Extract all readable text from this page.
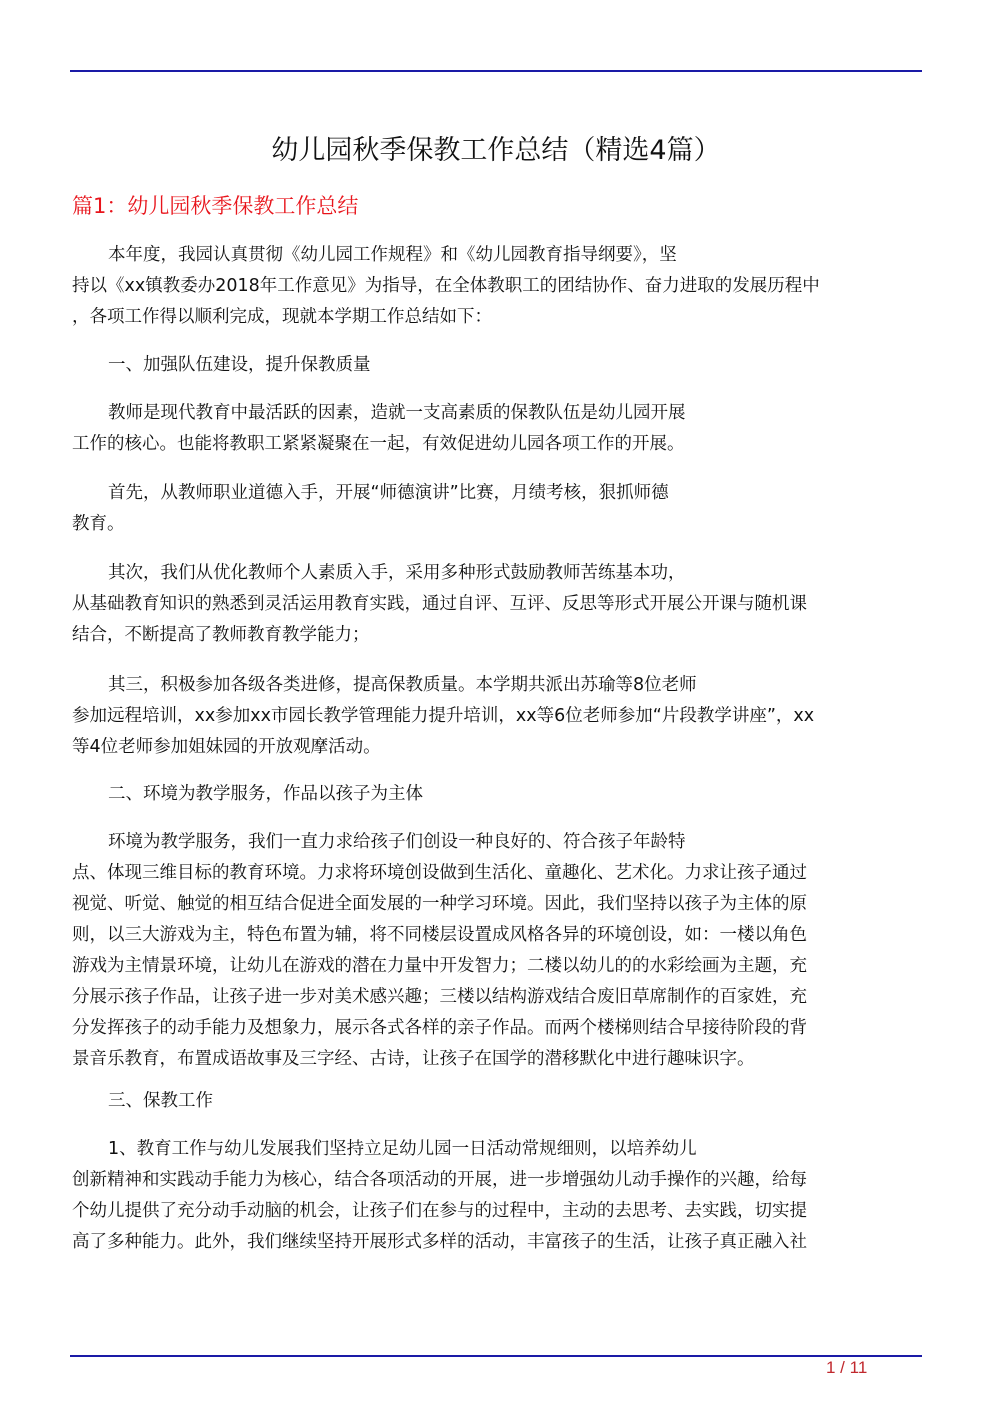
幼儿园秋季保教工作总结（精选4篇）
篇1：幼儿园秋季保教工作总结
本年度，我园认真贯彻《幼儿园工作规程》和《幼儿园教育指导纲要》，坚
持以《xx镇教委办2018年工作意见》为指导，在全体教职工的团结协作、奋力进取的发展历程中
，各项工作得以顺利完成，现就本学期工作总结如下：
一、加强队伍建设，提升保教质量
教师是现代教育中最活跃的因素，造就一支高素质的保教队伍是幼儿园开展
工作的核心。也能将教职工紧紧凝聚在一起，有效促进幼儿园各项工作的开展。
首先，从教师职业道德入手，开展“师德演讲”比赛，月绩考核，狠抓师德
教育。
其次，我们从优化教师个人素质入手，采用多种形式鼓励教师苦练基本功，
从基础教育知识的熟悉到灵活运用教育实践，通过自评、互评、反思等形式开展公开课与随机课
结合，不断提高了教师教育教学能力；
其三，积极参加各级各类进修，提高保教质量。本学期共派出苏瑜等8位老师
参加远程培训，xx参加xx市园长教学管理能力提升培训，xx等6位老师参加“片段教学讲座”，xx
等4位老师参加姐妹园的开放观摩活动。
二、环境为教学服务，作品以孩子为主体
环境为教学服务，我们一直力求给孩子们创设一种良好的、符合孩子年龄特
点、体现三维目标的教育环境。力求将环境创设做到生活化、童趣化、艺术化。力求让孩子通过
视觉、听觉、触觉的相互结合促进全面发展的一种学习环境。因此，我们坚持以孩子为主体的原
则，以三大游戏为主，特色布置为辅，将不同楼层设置成风格各异的环境创设，如：一楼以角色
游戏为主情景环境，让幼儿在游戏的潜在力量中开发智力；二楼以幼儿的的水彩绘画为主题，充
分展示孩子作品，让孩子进一步对美术感兴趣；三楼以结构游戏结合废旧草席制作的百家姓，充
分发挥孩子的动手能力及想象力，展示各式各样的亲子作品。而两个楼梯则结合早接待阶段的背
景音乐教育，布置成语故事及三字经、古诗，让孩子在国学的潜移默化中进行趣味识字。
三、保教工作
1、教育工作与幼儿发展我们坚持立足幼儿园一日活动常规细则，以培养幼儿
创新精神和实践动手能力为核心，结合各项活动的开展，进一步增强幼儿动手操作的兴趣，给每
个幼儿提供了充分动手动脑的机会，让孩子们在参与的过程中，主动的去思考、去实践，切实提
高了多种能力。此外，我们继续坚持开展形式多样的活动，丰富孩子的生活，让孩子真正融入社
1 / 11
